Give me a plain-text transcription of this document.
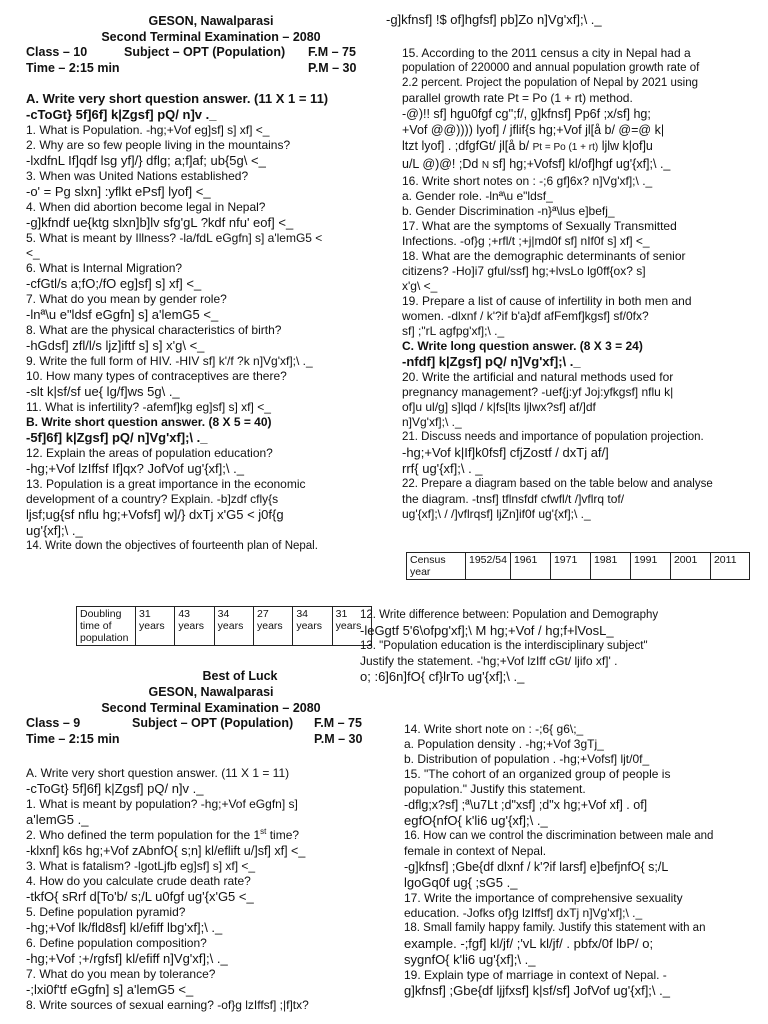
GESON, Nawalparasi

Second Terminal Examination – 2080

Class – 10	Subject – OPT (Population) F.M – 75
Time – 2:15 min	P.M – 30

A. Write very short question answer. (11 X 1 = 11)

-cToGt} 5f]6f] k|Zgsf] pQ/ n]v ._

1. What is Population. -hg;+Vof eg]sf] s] xf] <_

2. Why are so few people living in the mountains?

-lxdfnL If]qdf lsg yf]/} dflg; a;f]af; ub{5g\ <_

3. When was United Nations established?

-o' = Pg slxn] :yflkt ePsf] lyof] <_

4. When did abortion become legal in Nepal?

-g]kfndf ue{ktg slxn]b]lv sfg'gL ?kdf nfu' eof] <_

5. What is meant by Illness? -la/fdL eGgfn] s] a'lemG5 <

<_

6. What is Internal Migration?

-cfGtl/s a;fO;/fO eg]sf] s] xf] <_

7. What do you mean by gender role?

-lnª\u e"ldsf eGgfn] s] a'lemG5 <_

8. What are the physical characteristics of birth?

-hGdsf] zfl/l/s ljz]iftf s] s] x'g\ <_

9. Write the full form of HIV. -HIV sf] k'/f ?k n]Vg'xf];\ ._

10. How many types of contraceptives are there?

-slt k|sf/sf ue{ lg/f]ws 5g\ ._

11. What is infertility? -afemf]kg eg]sf] s] xf] <_

B. Write short question answer. (8 X 5 = 40)

-5f]6f] k|Zgsf] pQ/ n]Vg'xf];\ ._

12. Explain the areas of population education?

-hg;+Vof lzIffsf If]qx? JofVof ug'{xf];\ ._

13. Population is a great importance in the economic

development of a country? Explain. -b]zdf cfly{s

ljsf;ug{sf nflu hg;+Vofsf] w]/} dxTj x'G5 < j0f{g

ug'{xf];\ ._

14. Write down the objectives of fourteenth plan of Nepal.

-g]kfnsf] !$ of]hgfsf] pb]Zo n]Vg'xf];\ ._

15. According to the 2011 census a city in Nepal had a

population of 220000 and annual population growth rate of

2.2 percent. Project the population of Nepal by 2021 using

parallel growth rate Pt = Po (1 + rt) method.

-@)!! sf] hgu0fgf cg'';f/, g]kfnsf] Pp6f ;x/sf] hg;

+Vof @@)))) lyof] / jflif{s hg;+Vof jl[å b/ @=@ k|

ltzt lyof] . ;dfgfGt/ jl[å b/ Pt = Po (1 + rt) ljlw k|of]u

u/L @)@! ;Dd N sf] hg;+Vofsf] kl/of]hgf ug'{xf];\ ._

16. Write short notes on : -;6 gf]6x? n]Vg'xf];\ ._

a. Gender role. -lnª\u e"ldsf_

b. Gender Discrimination -n}ª\lus e]befj_

17. What are the symptoms of Sexually Transmitted

Infections. -of}g ;+rfl/t ;+j|md0f sf] nIf0f s] xf] <_

18. What are the demographic determinants of senior

citizens? -Ho]i7 gful/ssf] hg;+lvsLo lg0ff{ox? s]

x'g\ <_

19. Prepare a list of cause of infertility in both men and

women. -dlxnf / k'?if b'a}df afFemf]kgsf] sf/0fx?

sf] ;"rL agfpg'xf];\ ._

C. Write long question answer. (8 X 3 = 24)

-nfdf] k|Zgsf] pQ/ n]Vg'xf];\ ._

20. Write the artificial and natural methods used for

pregnancy management? -uef{j:yf Joj:yfkgsf] nflu k|

of]u ul/g] s]lqd / k|fs[lts ljlwx?sf] af/]df

n]Vg'xf];\ ._

21. Discuss needs and importance of population projection.

-hg;+Vof k|If]k0fsf] cfjZostf / dxTj af/]

rrf{ ug'{xf];\ . _

22. Prepare a diagram based on the table below and analyse

the diagram. -tnsf] tflnsfdf cfwfl/t /]vflrq tof/

ug'{xf];\ / /]vflrqsf] ljZn]if0f ug'{xf];\ ._

Census year	1952/54	1961	1971	1981	1991	2001	2011
Doubling time of population	31 years	43 years	34 years	27 years	34 years	31 years

12. Write difference between: Population and Demography

-leGgtf 5'6\ofpg'xf];\ M hg;+Vof / hg;f+lVosL_

13. "Population education is the interdisciplinary subject"

Justify the statement. -'hg;+Vof lzIff cGt/ ljifo xf]' .

o; :6]6n]fO{ cf}lrTo ug'{xf];\ ._

Best of Luck

GESON, Nawalparasi

Second Terminal Examination – 2080

Class – 9	Subject – OPT (Population) F.M – 75
Time – 2:15 min	P.M – 30

A. Write very short question answer. (11 X 1 = 11)

-cToGt} 5f]6f] k|Zgsf] pQ/ n]v ._

1. What is meant by population? -hg;+Vof eGgfn] s]

a'lemG5 ._

2. Who defined the term population for the 1st time?

-klxnf] k6s hg;+Vof zAbnfO{ s;n] kl/eflift u/]sf] xf] <_

3. What is fatalism? -lgotLjfb eg]sf] s] xf] <_

4. How do you calculate crude death rate?

-tkfO{ sRrf d[To'b/ s;/L u0fgf ug'{x'G5 <_

5. Define population pyramid?

-hg;+Vof lk/fld8sf] kl/efiff lbg'xf];\ ._

6. Define population composition?

-hg;+Vof ;+/rgfsf] kl/efiff n]Vg'xf];\ ._

7. What do you mean by tolerance?

-;lxi0f'tf eGgfn] s] a'lemG5 <_

8. Write sources of sexual earning? -of}g lzIffsf] ;|f]tx?

14. Write short note on : -;6{ g6\;_

a. Population density . -hg;+Vof 3gTj_

b. Distribution of population . -hg;+Vofsf] ljt/0f_

15. "The cohort of an organized group of people is

population." Justify this statement.

-dflg;x?sf] ;ª\u7Lt ;d"xsf] ;d"x hg;+Vof xf] . of]

egfO{nfO{ k'li6 ug'{xf];\ ._

16. How can we control the discrimination between male and

female in context of Nepal.

-g]kfnsf] ;Gbe{df dlxnf / k'?if larsf] e]befjnfO{ s;/L

lgoGq0f ug{ ;sG5 ._

17. Write the importance of comprehensive sexuality

education. -Jofks of}g lzIffsf] dxTj n]Vg'xf];\ ._

18. Small family happy family. Justify this statement with an

example. -;fgf] kl/jf/ ;'vL kl/jf/ . pbfx/0f lbP/ o;

sygnfO{ k'li6 ug'{xf];\ ._

19. Explain type of marriage in context of Nepal. -

g]kfnsf] ;Gbe{df ljjfxsf] k|sf/sf] JofVof ug'{xf];\ ._
